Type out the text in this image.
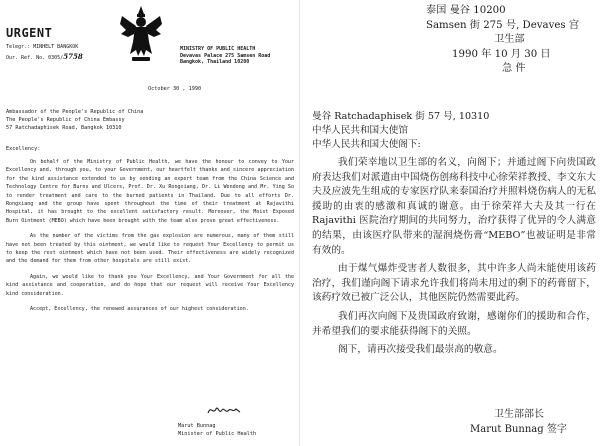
URGENT
Telegr.: MINHELT BANGKOK
Our. Ref. No. 0305/5758
MINISTRY OF PUBLIC HEALTH
Devavas Palace 275 Samsen Road
Bangkok, Thailand 10200
October 30 , 1990
Ambassador of the People's Republic of China
The People's Republic of China Embassy
57 Ratchadaphisek Road, Bangkok 10310
Excellency:

On behalf of the Ministry of Public Health, we have the honour to convey to Your Excellency and, through you, to your Government, our heartfelt thanks and sincere appreciation for the kind assistance extended to us by sending an expert team from the China Science and Technology Centre for Burns and Ulcers, Prof. Dr. Xu Rongxiang, Dr. Li Wendong and Mr. Ying So to render treatment and care to the burned patients in Thailand. Due to all efforts Dr. Rongxiang and the group have spent throughout the time of their treatment at Rajavithi Hospital, it has brought to the excellent satisfactory result. Moreover, the Moist Exposed Burn Ointment (MEBO) which have been brought with the team also prove great effectiveness.

As the number of the victims from the gas explosion are numerous, many of them still have not been treated by this ointment, we would like to request Your Excellency to permit us to keep the rest ointment which have not been used. Their effectiveness are widely recognized and the demand for them from other hospitals are still exist.

Again, we would like to thank you Your Excellency, and Your Government for all the kind assistance and cooperation, and do hope that our request will receive Your Excellency kind consideration.

Accept, Excellency, the renewed assurances of our highest consideration.

Marut Bunnag
Minister of Public Health
泰国 曼谷 10200
Samsen 街 275 号, Devaves 宫
卫生部
1990 年 10 月 30 日
急 件
曼谷 Ratchadaphisek 街 57 号, 10310
中华人民共和国大使馆
中华人民共和国大使阁下:

我们荣幸地以卫生部的名义，向阁下；并通过阁下向贵国政府表达我们对派遣由中国烧伤创疡科技中心徐荣祥教授、李文东大夫及应波先生组成的专家医疗队来泰国治疗并照料烧伤病人的无私援助的由衷的感激和真诚的谢意。由于徐荣祥大夫及其一行在 Rajavithi 医院治疗期间的共同努力，治疗获得了优异的令人满意的结果，由该医疗队带来的湿润烧伤膏“MEBO”也被证明是非常有效的。

由于煤气爆炸受害者人数很多，其中许多人尚未能使用该药治疗，我们谨向阁下请求允许我们将尚未用过的剩下的药膏留下，该药疗效已被广泛公认，其他医院仍然需要此药。

我们再次向阁下及贵国政府致谢，感谢你们的援助和合作，并希望我们的要求能获得阁下的关照。

阁下，请再次接受我们最崇高的敬意。

卫生部部长
Marut Bunnag 签字
